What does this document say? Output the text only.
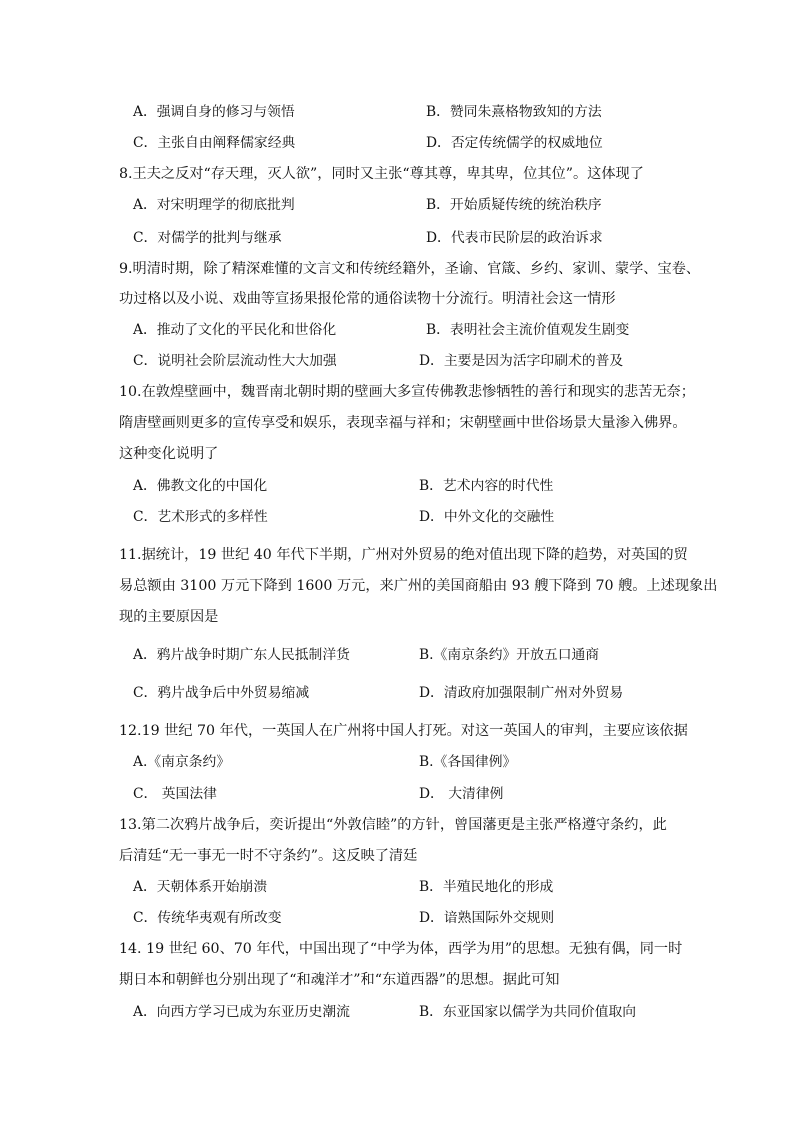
A．强调自身的修习与领悟	B．赞同朱熹格物致知的方法
C．主张自由阐释儒家经典	D．否定传统儒学的权威地位
8.王夫之反对“存天理，灭人欲”，同时又主张“尊其尊，卑其卑，位其位”。这体现了
A．对宋明理学的彻底批判	B．开始质疑传统的统治秩序
C．对儒学的批判与继承	D．代表市民阶层的政治诉求
9.明清时期，除了精深难懂的文言文和传统经籍外，圣谕、官箴、乡约、家训、蒙学、宝卷、
功过格以及小说、戏曲等宣扬果报伦常的通俗读物十分流行。明清社会这一情形
A．推动了文化的平民化和世俗化	B．表明社会主流价值观发生剧变
C．说明社会阶层流动性大大加强	D．主要是因为活字印刷术的普及
10.在敦煌壁画中，魏晋南北朝时期的壁画大多宣传佛教悲惨牺牲的善行和现实的悲苦无奈；
隋唐壁画则更多的宣传享受和娱乐，表现幸福与祥和；宋朝壁画中世俗场景大量渗入佛界。
这种变化说明了
A．佛教文化的中国化	B．艺术内容的时代性
C．艺术形式的多样性	D．中外文化的交融性
11.据统计，19 世纪 40 年代下半期，广州对外贸易的绝对值出现下降的趋势，对英国的贸
易总额由 3100 万元下降到 1600 万元，来广州的美国商船由 93 艘下降到 70 艘。上述现象出
现的主要原因是
A．鸦片战争时期广东人民抵制洋货	B.《南京条约》开放五口通商
C．鸦片战争后中外贸易缩减	D．清政府加强限制广州对外贸易
12.19 世纪 70 年代，一英国人在广州将中国人打死。对这一英国人的审判，主要应该依据
A.《南京条约》	B.《各国律例》
C． 英国法律	D． 大清律例
13.第二次鸦片战争后，奕䜣提出“外敦信睦”的方针，曾国藩更是主张严格遵守条约，此
后清廷“无一事无一时不守条约”。这反映了清廷
A．天朝体系开始崩溃	B．半殖民地化的形成
C．传统华夷观有所改变	D．谙熟国际外交规则
14. 19 世纪 60、70 年代，中国出现了“中学为体，西学为用”的思想。无独有偶，同一时
期日本和朝鲜也分别出现了“和魂洋才”和“东道西器”的思想。据此可知
A．向西方学习已成为东亚历史潮流	B．东亚国家以儒学为共同价值取向
